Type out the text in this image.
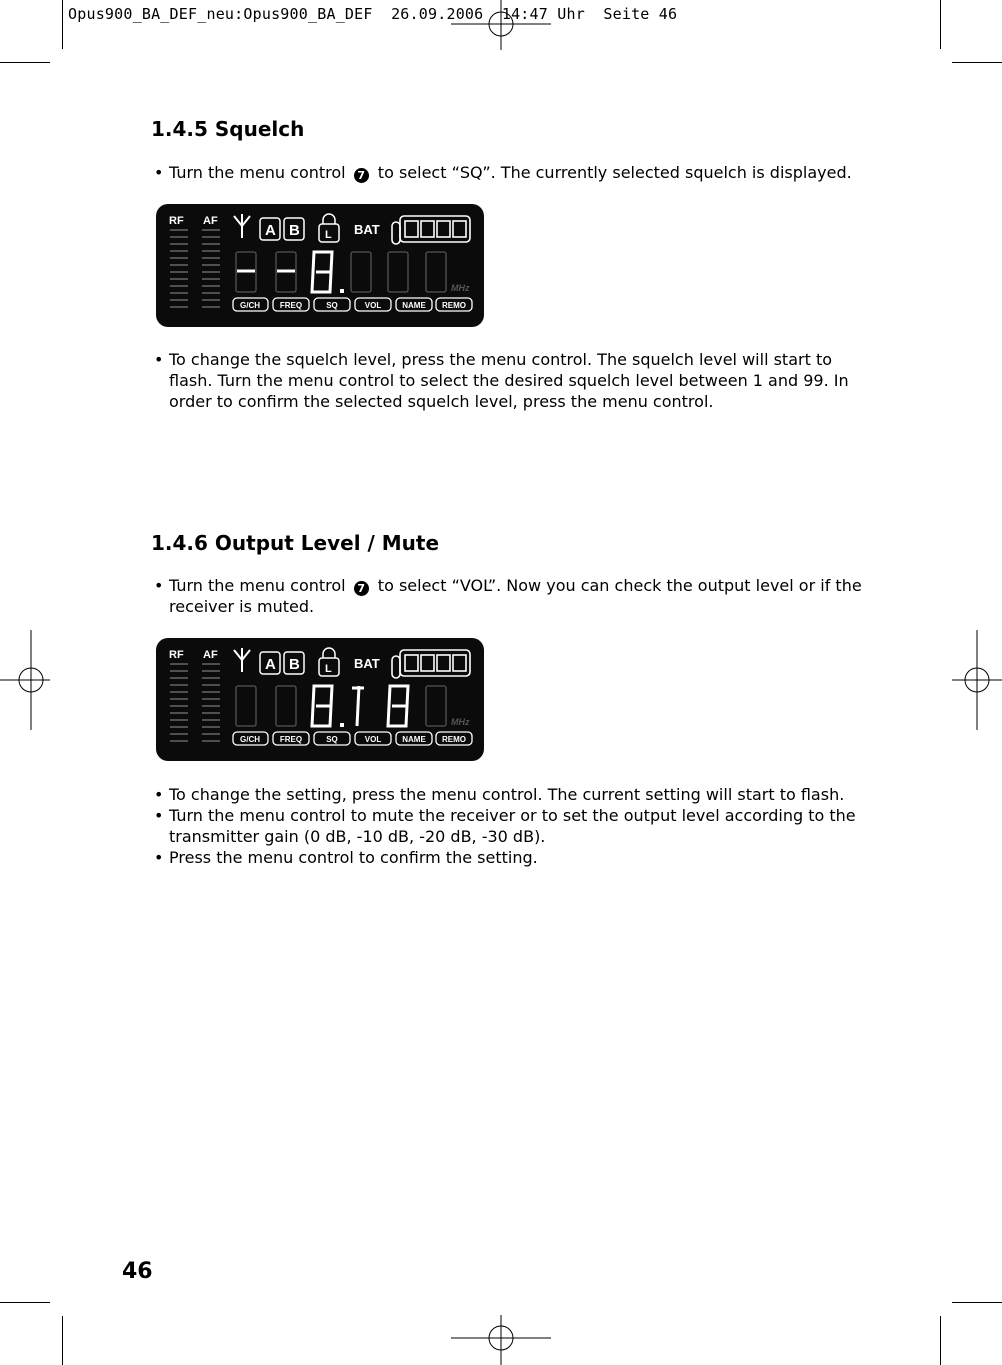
Opus900_BA_DEF_neu:Opus900_BA_DEF  26.09.2006  14:47 Uhr  Seite 46
1.4.5 Squelch
• Turn the menu control 7 to select “SQ”. The currently selected squelch is displayed.
RF AF
A B L BAT
MHz
G/CH FREQ	SQ	VOL	NAME REMO
• To change the squelch level, press the menu control. The squelch level will start to flash. Turn the menu control to select the desired squelch level between 1 and 99. In order to confirm the selected squelch level, press the menu control.
1.4.6 Output Level / Mute
• Turn the menu control 7 to select “VOL”. Now you can check the output level or if the receiver is muted.
RF AF
A B L BAT
MHz
G/CH FREQ	SQ	VOL	NAME REMO
• To change the setting, press the menu control. The current setting will start to flash.
• Turn the menu control to mute the receiver or to set the output level according to the transmitter gain (0 dB, -10 dB, -20 dB, -30 dB).
• Press the menu control to confirm the setting.
46
